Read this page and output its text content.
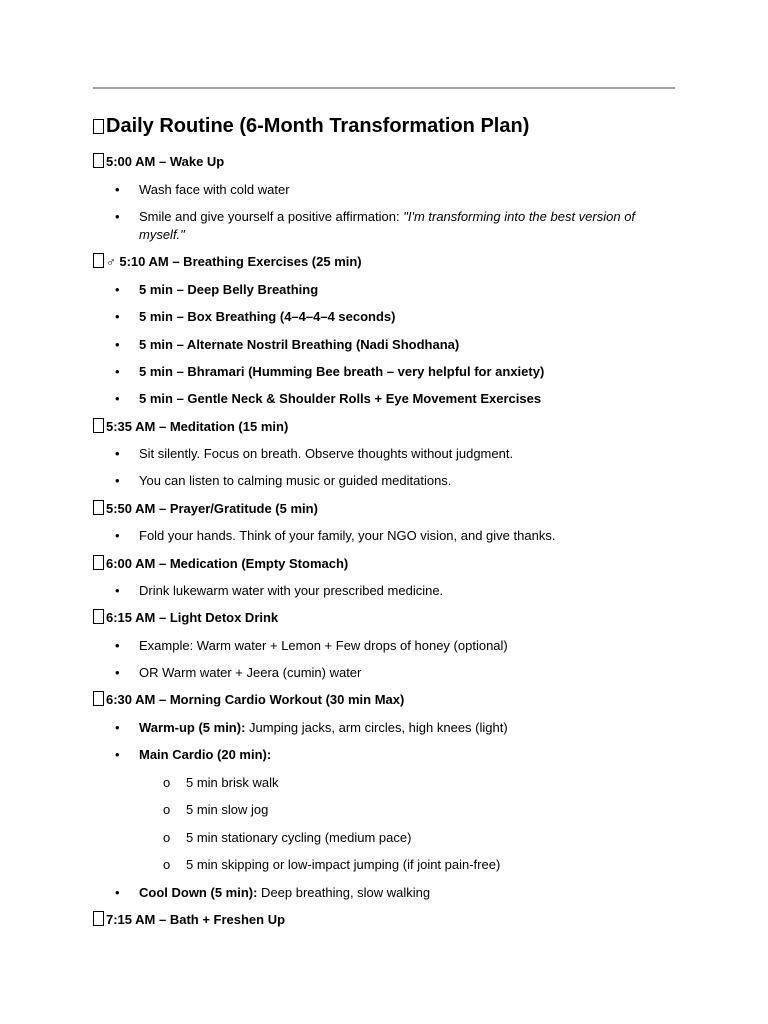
Daily Routine (6-Month Transformation Plan)

5:00 AM – Wake Up

• Wash face with cold water

• Smile and give yourself a positive affirmation: "I'm transforming into the best version of myself."

♂ 5:10 AM – Breathing Exercises (25 min)

• 5 min – Deep Belly Breathing

• 5 min – Box Breathing (4–4–4–4 seconds)

• 5 min – Alternate Nostril Breathing (Nadi Shodhana)

• 5 min – Bhramari (Humming Bee breath – very helpful for anxiety)

• 5 min – Gentle Neck & Shoulder Rolls + Eye Movement Exercises

5:35 AM – Meditation (15 min)

• Sit silently. Focus on breath. Observe thoughts without judgment.

• You can listen to calming music or guided meditations.

5:50 AM – Prayer/Gratitude (5 min)

• Fold your hands. Think of your family, your NGO vision, and give thanks.

6:00 AM – Medication (Empty Stomach)

• Drink lukewarm water with your prescribed medicine.

6:15 AM – Light Detox Drink

• Example: Warm water + Lemon + Few drops of honey (optional)

• OR Warm water + Jeera (cumin) water

6:30 AM – Morning Cardio Workout (30 min Max)

• Warm-up (5 min): Jumping jacks, arm circles, high knees (light)

• Main Cardio (20 min):

o 5 min brisk walk

o 5 min slow jog

o 5 min stationary cycling (medium pace)

o 5 min skipping or low-impact jumping (if joint pain-free)

• Cool Down (5 min): Deep breathing, slow walking

7:15 AM – Bath + Freshen Up
